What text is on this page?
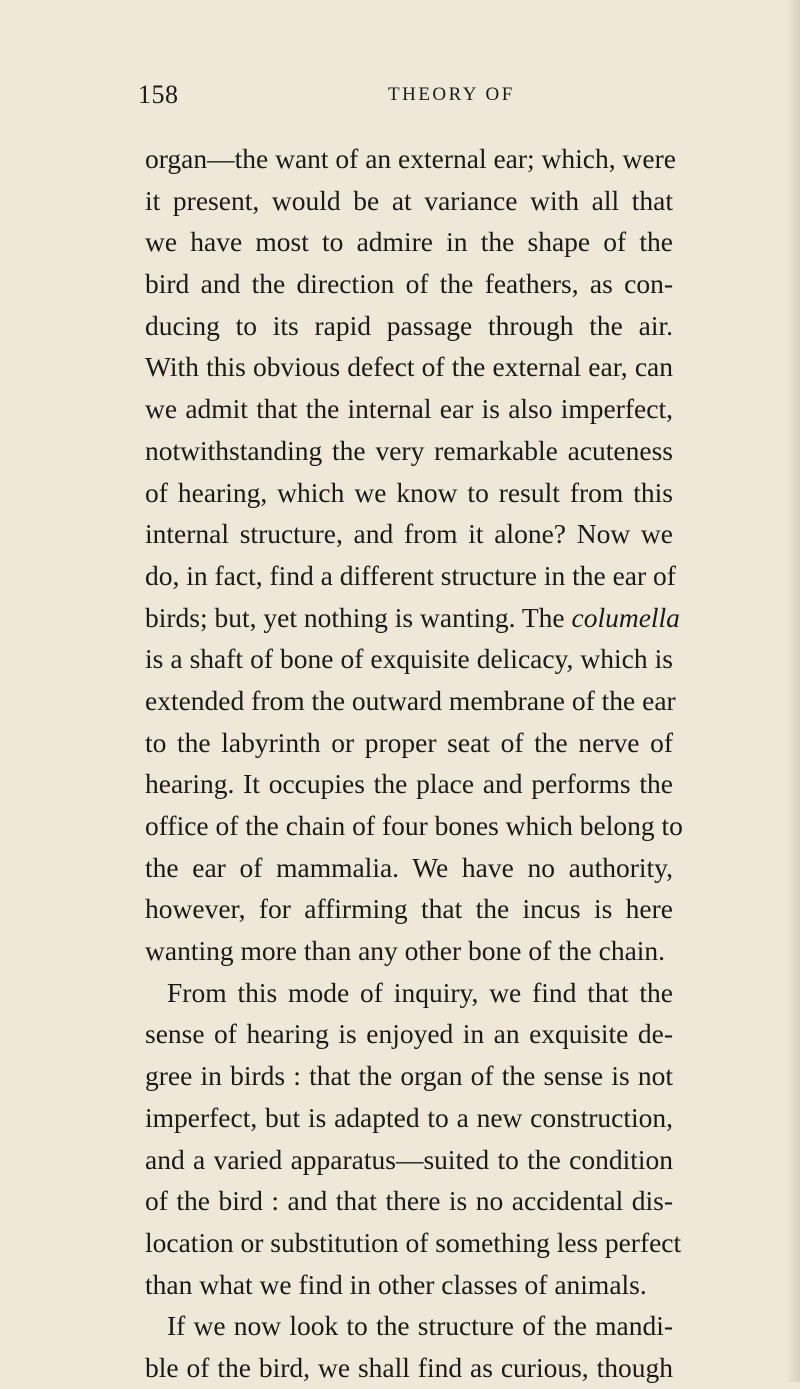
158	THEORY OF
organ—the want of an external ear; which, were
it present, would be at variance with all that
we have most to admire in the shape of the
bird and the direction of the feathers, as con-
ducing to its rapid passage through the air.
With this obvious defect of the external ear, can
we admit that the internal ear is also imperfect,
notwithstanding the very remarkable acuteness
of hearing, which we know to result from this
internal structure, and from it alone? Now we
do, in fact, find a different structure in the ear of
birds; but, yet nothing is wanting. The columella
is a shaft of bone of exquisite delicacy, which is
extended from the outward membrane of the ear
to the labyrinth or proper seat of the nerve of
hearing. It occupies the place and performs the
office of the chain of four bones which belong to
the ear of mammalia. We have no authority,
however, for affirming that the incus is here
wanting more than any other bone of the chain.
From this mode of inquiry, we find that the
sense of hearing is enjoyed in an exquisite de-
gree in birds : that the organ of the sense is not
imperfect, but is adapted to a new construction,
and a varied apparatus—suited to the condition
of the bird : and that there is no accidental dis-
location or substitution of something less perfect
than what we find in other classes of animals.
If we now look to the structure of the mandi-
ble of the bird, we shall find as curious, though
